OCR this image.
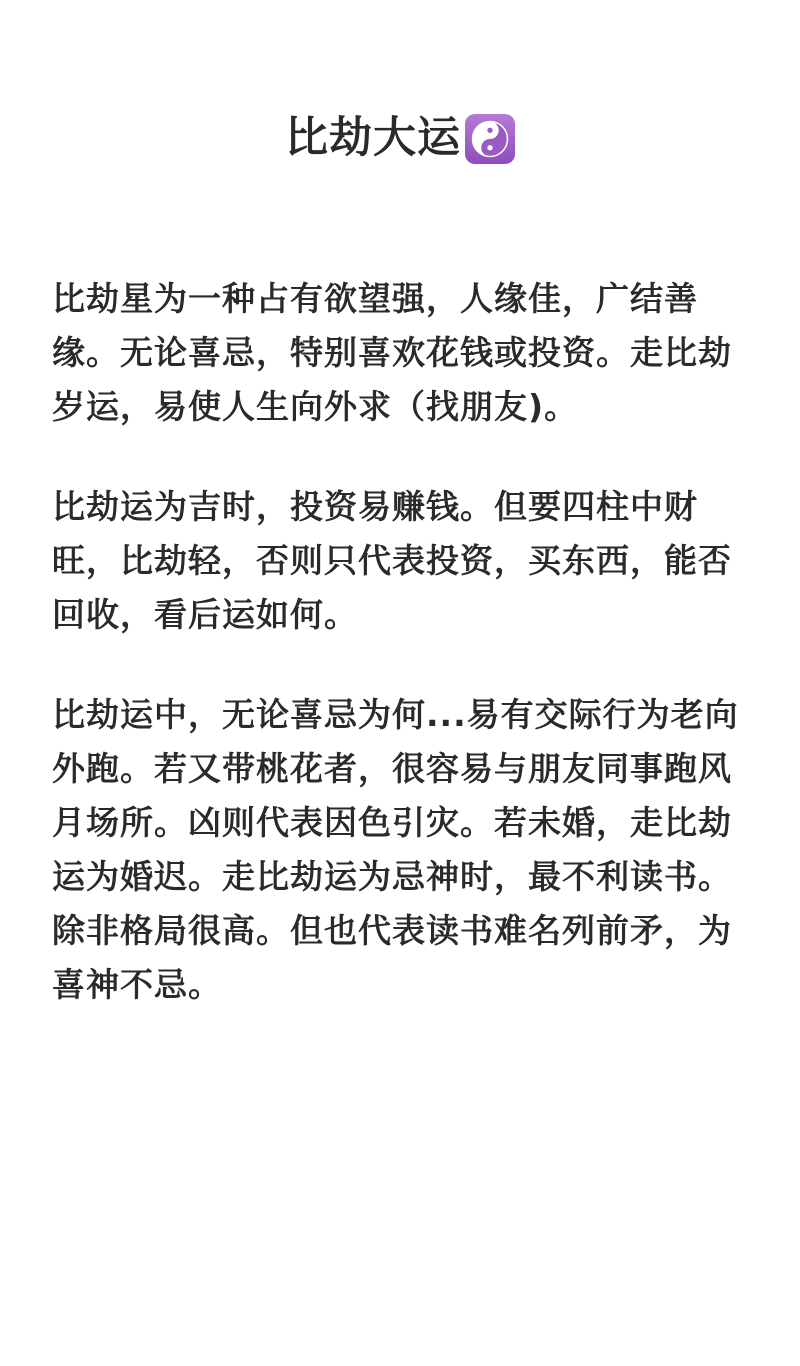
比劫大运

比劫星为一种占有欲望强，人缘佳，广结善缘。无论喜忌，特别喜欢花钱或投资。走比劫岁运，易使人生向外求（找朋友)。

比劫运为吉时，投资易赚钱。但要四柱中财旺，比劫轻，否则只代表投资，买东西，能否回收，看后运如何。

比劫运中，无论喜忌为何...易有交际行为老向外跑。若又带桃花者，很容易与朋友同事跑风月场所。凶则代表因色引灾。若未婚，走比劫运为婚迟。走比劫运为忌神时，最不利读书。除非格局很高。但也代表读书难名列前矛，为喜神不忌。
